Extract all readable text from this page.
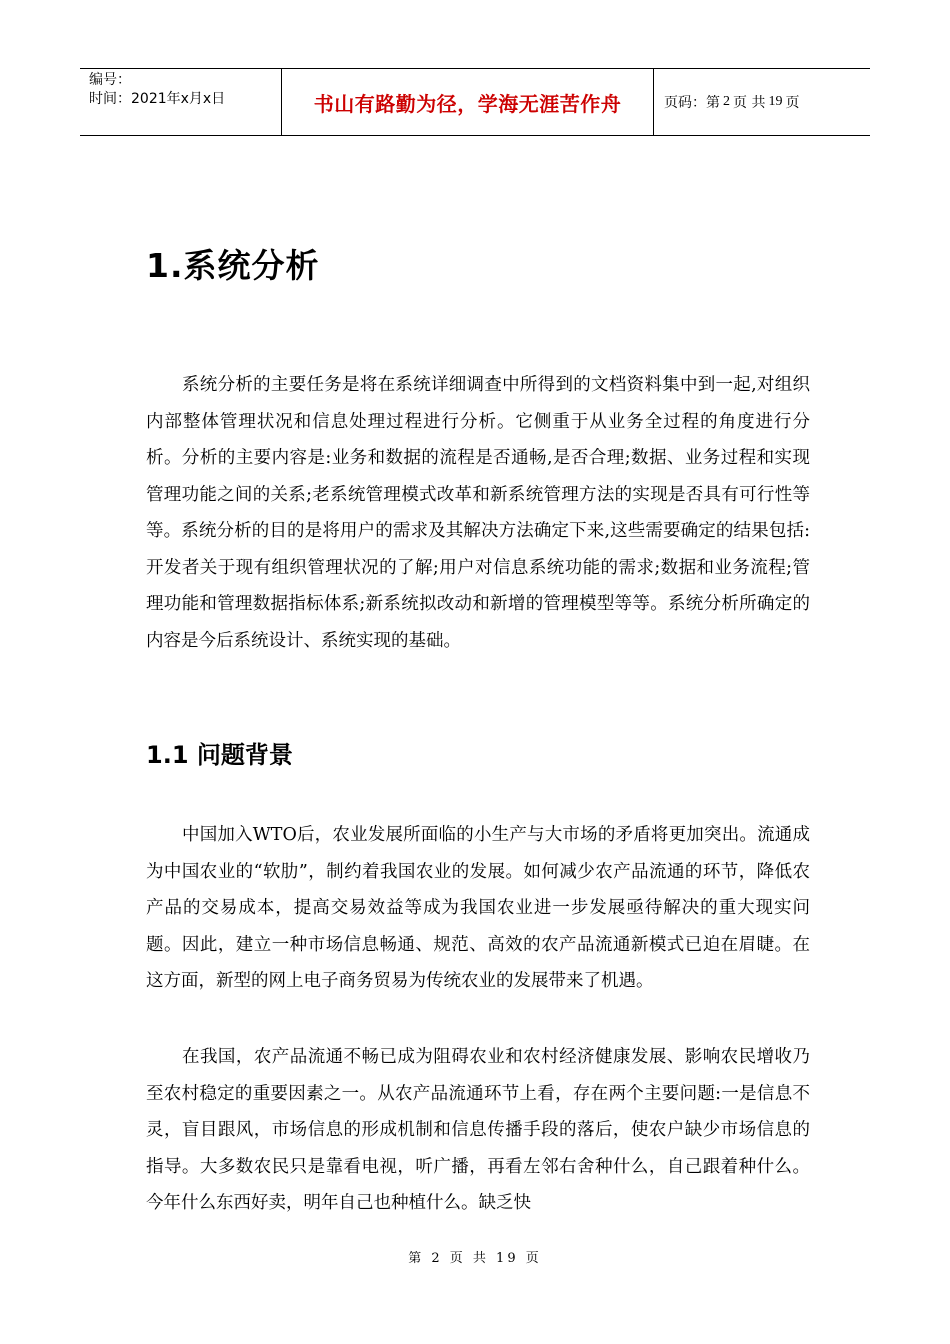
编号：
时间：2021年x月x日	书山有路勤为径，学海无涯苦作舟	页码：第 2 页 共 19 页
1.系统分析

系统分析的主要任务是将在系统详细调查中所得到的文档资料集中到一起,对组织内部整体管理状况和信息处理过程进行分析。它侧重于从业务全过程的角度进行分析。分析的主要内容是:业务和数据的流程是否通畅,是否合理;数据、业务过程和实现管理功能之间的关系;老系统管理模式改革和新系统管理方法的实现是否具有可行性等等。系统分析的目的是将用户的需求及其解决方法确定下来,这些需要确定的结果包括:开发者关于现有组织管理状况的了解;用户对信息系统功能的需求;数据和业务流程;管理功能和管理数据指标体系;新系统拟改动和新增的管理模型等等。系统分析所确定的内容是今后系统设计、系统实现的基础。

1.1 问题背景

中国加入WTO后，农业发展所面临的小生产与大市场的矛盾将更加突出。流通成为中国农业的“软肋”，制约着我国农业的发展。如何减少农产品流通的环节，降低农产品的交易成本，提高交易效益等成为我国农业进一步发展亟待解决的重大现实问题。因此，建立一种市场信息畅通、规范、高效的农产品流通新模式已迫在眉睫。在这方面，新型的网上电子商务贸易为传统农业的发展带来了机遇。

在我国，农产品流通不畅已成为阻碍农业和农村经济健康发展、影响农民增收乃至农村稳定的重要因素之一。从农产品流通环节上看，存在两个主要问题:一是信息不灵，盲目跟风，市场信息的形成机制和信息传播手段的落后，使农户缺少市场信息的指导。大多数农民只是靠看电视，听广播，再看左邻右舍种什么，自己跟着种什么。今年什么东西好卖，明年自己也种植什么。缺乏快

第 2 页 共 19 页
